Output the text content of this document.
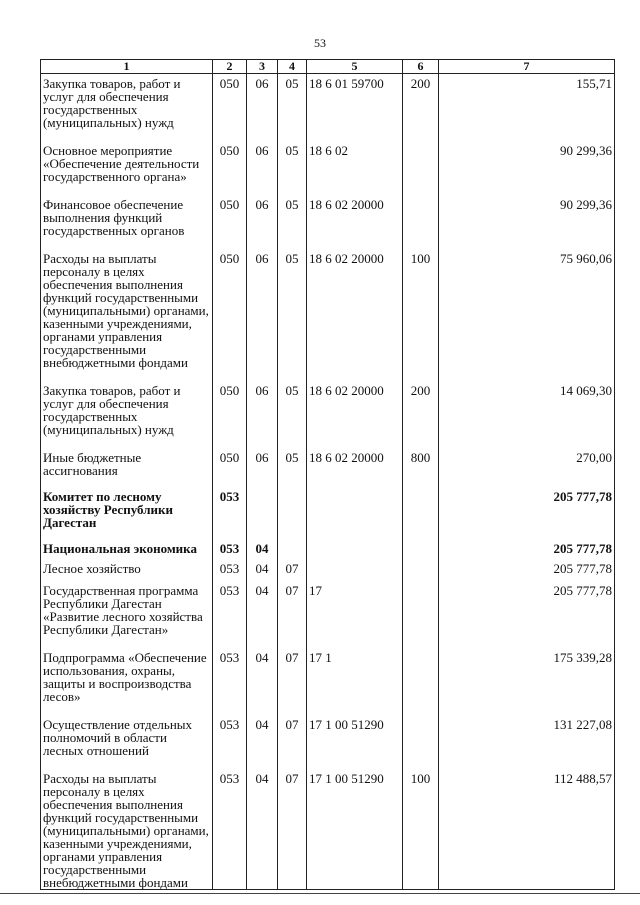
53
1	2	3	4	5	6	7
Закупка товаров, работ и услуг для обеспечения государственных (муниципальных) нужд	050	06	05	18 6 01 59700	200	155,71
Основное мероприятие «Обеспечение деятельности государственного органа»	050	06	05	18 6 02		90 299,36
Финансовое обеспечение выполнения функций государственных органов	050	06	05	18 6 02 20000		90 299,36
Расходы на выплаты персоналу в целях обеспечения выполнения функций государственными (муниципальными) органами, казенными учреждениями, органами управления государственными внебюджетными фондами	050	06	05	18 6 02 20000	100	75 960,06
Закупка товаров, работ и услуг для обеспечения государственных (муниципальных) нужд	050	06	05	18 6 02 20000	200	14 069,30
Иные бюджетные ассигнования	050	06	05	18 6 02 20000	800	270,00
Комитет по лесному хозяйству Республики Дагестан	053					205 777,78
Национальная экономика	053	04				205 777,78
Лесное хозяйство	053	04	07			205 777,78
Государственная программа Республики Дагестан «Развитие лесного хозяйства Республики Дагестан»	053	04	07	17		205 777,78
Подпрограмма «Обеспечение использования, охраны, защиты и воспроизводства лесов»	053	04	07	17 1		175 339,28
Осуществление отдельных полномочий в области лесных отношений	053	04	07	17 1 00 51290		131 227,08
Расходы на выплаты персоналу в целях обеспечения выполнения функций государственными (муниципальными) органами, казенными учреждениями, органами управления государственными внебюджетными фондами	053	04	07	17 1 00 51290	100	112 488,57
